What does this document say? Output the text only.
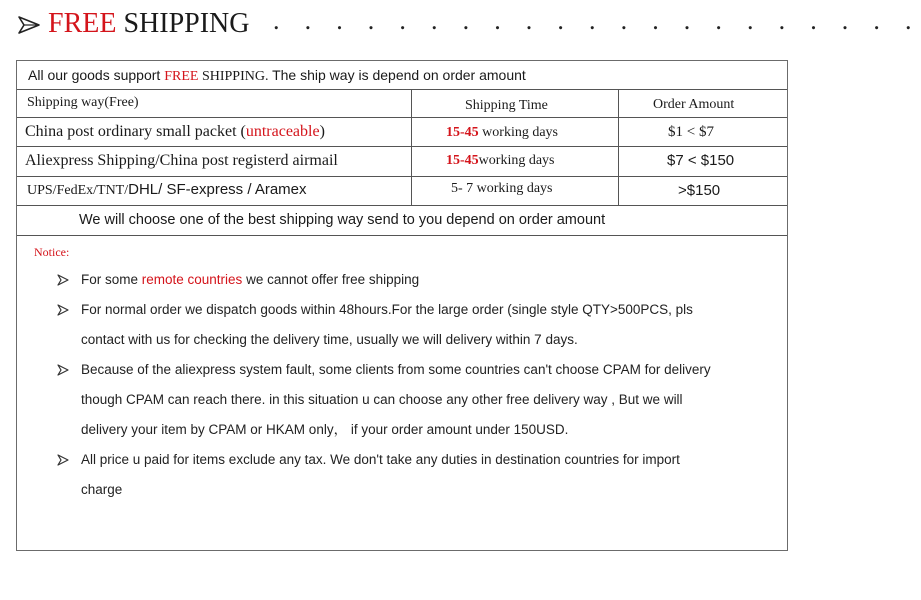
FREE SHIPPING . . . . . . . . . . . . . . . . . . . . .
All our goods support FREE SHIPPING. The ship way is depend on order amount
Shipping way(Free)	Shipping Time	Order Amount
China post ordinary small packet (untraceable)	15-45 working days	$1 < $7
Aliexpress Shipping/China post registerd airmail	15-45working days	$7 < $150
UPS/FedEx/TNT/DHL/ SF-express / Aramex	5- 7 working days	>$150
We will choose one of the best shipping way send to you depend on order amount
Notice:
For some remote countries we cannot offer free shipping
For normal order we dispatch goods within 48hours.For the large order (single style QTY>500PCS, pls
contact with us for checking the delivery time, usually we will delivery within 7 days.
Because of the aliexpress system fault, some clients from some countries can't choose CPAM for delivery
though CPAM can reach there. in this situation u can choose any other free delivery way , But we will
delivery your item by CPAM or HKAM only， if your order amount under 150USD.
All price u paid for items exclude any tax. We don't take any duties in destination countries for import
charge
